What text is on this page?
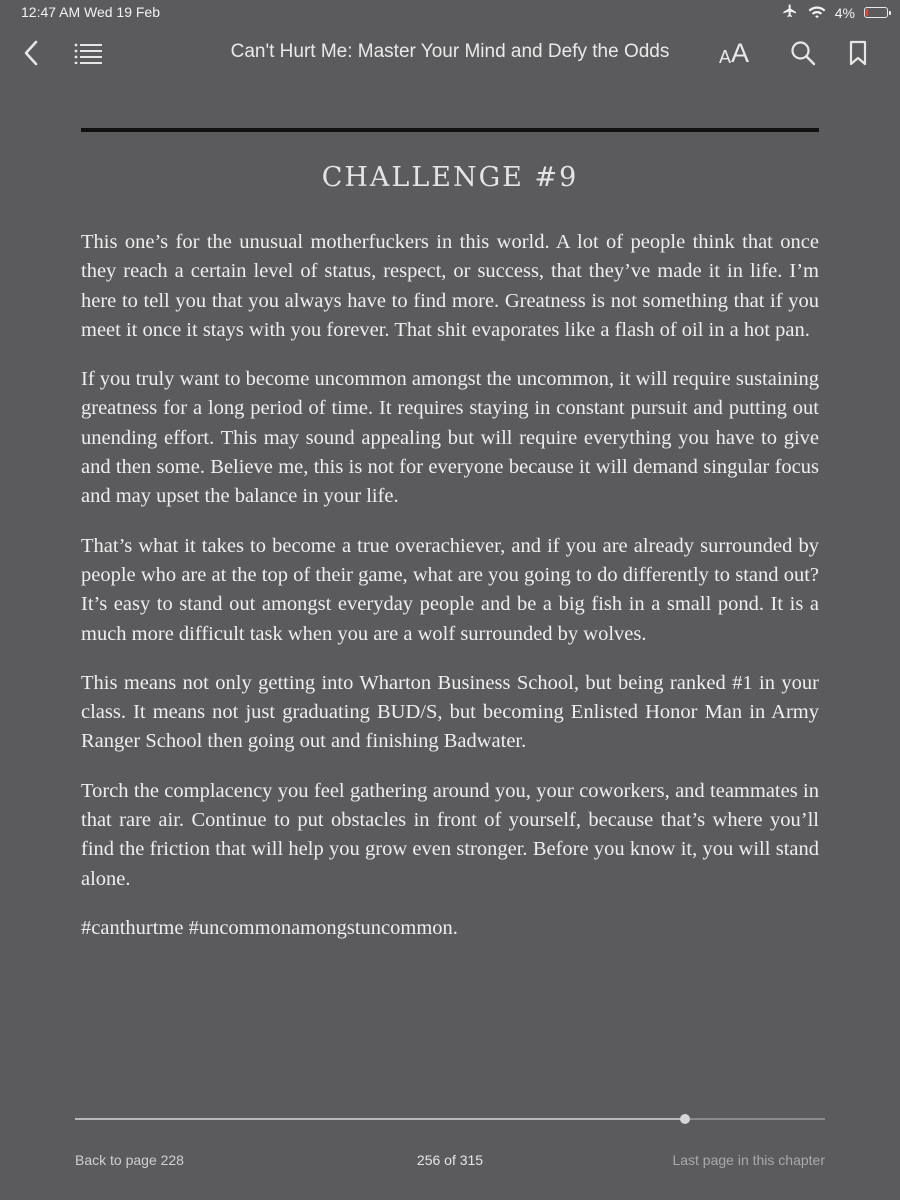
12:47 AM Wed 19 Feb	4%
Can't Hurt Me: Master Your Mind and Defy the Odds	A A
CHALLENGE #9

This one’s for the unusual motherfuckers in this world. A lot of people think that once they reach a certain level of status, respect, or success, that they’ve made it in life. I’m here to tell you that you always have to find more. Greatness is not something that if you meet it once it stays with you forever. That shit evaporates like a flash of oil in a hot pan.

If you truly want to become uncommon amongst the uncommon, it will require sustaining greatness for a long period of time. It requires staying in constant pursuit and putting out unending effort. This may sound appealing but will require everything you have to give and then some. Believe me, this is not for everyone because it will demand singular focus and may upset the balance in your life.

That’s what it takes to become a true overachiever, and if you are already surrounded by people who are at the top of their game, what are you going to do differently to stand out? It’s easy to stand out amongst everyday people and be a big fish in a small pond. It is a much more difficult task when you are a wolf surrounded by wolves.

This means not only getting into Wharton Business School, but being ranked #1 in your class. It means not just graduating BUD/S, but becoming Enlisted Honor Man in Army Ranger School then going out and finishing Badwater.

Torch the complacency you feel gathering around you, your coworkers, and teammates in that rare air. Continue to put obstacles in front of yourself, because that’s where you’ll find the friction that will help you grow even stronger. Before you know it, you will stand alone.

#canthurtme #uncommonamongstuncommon.

Back to page 228	256 of 315	Last page in this chapter
